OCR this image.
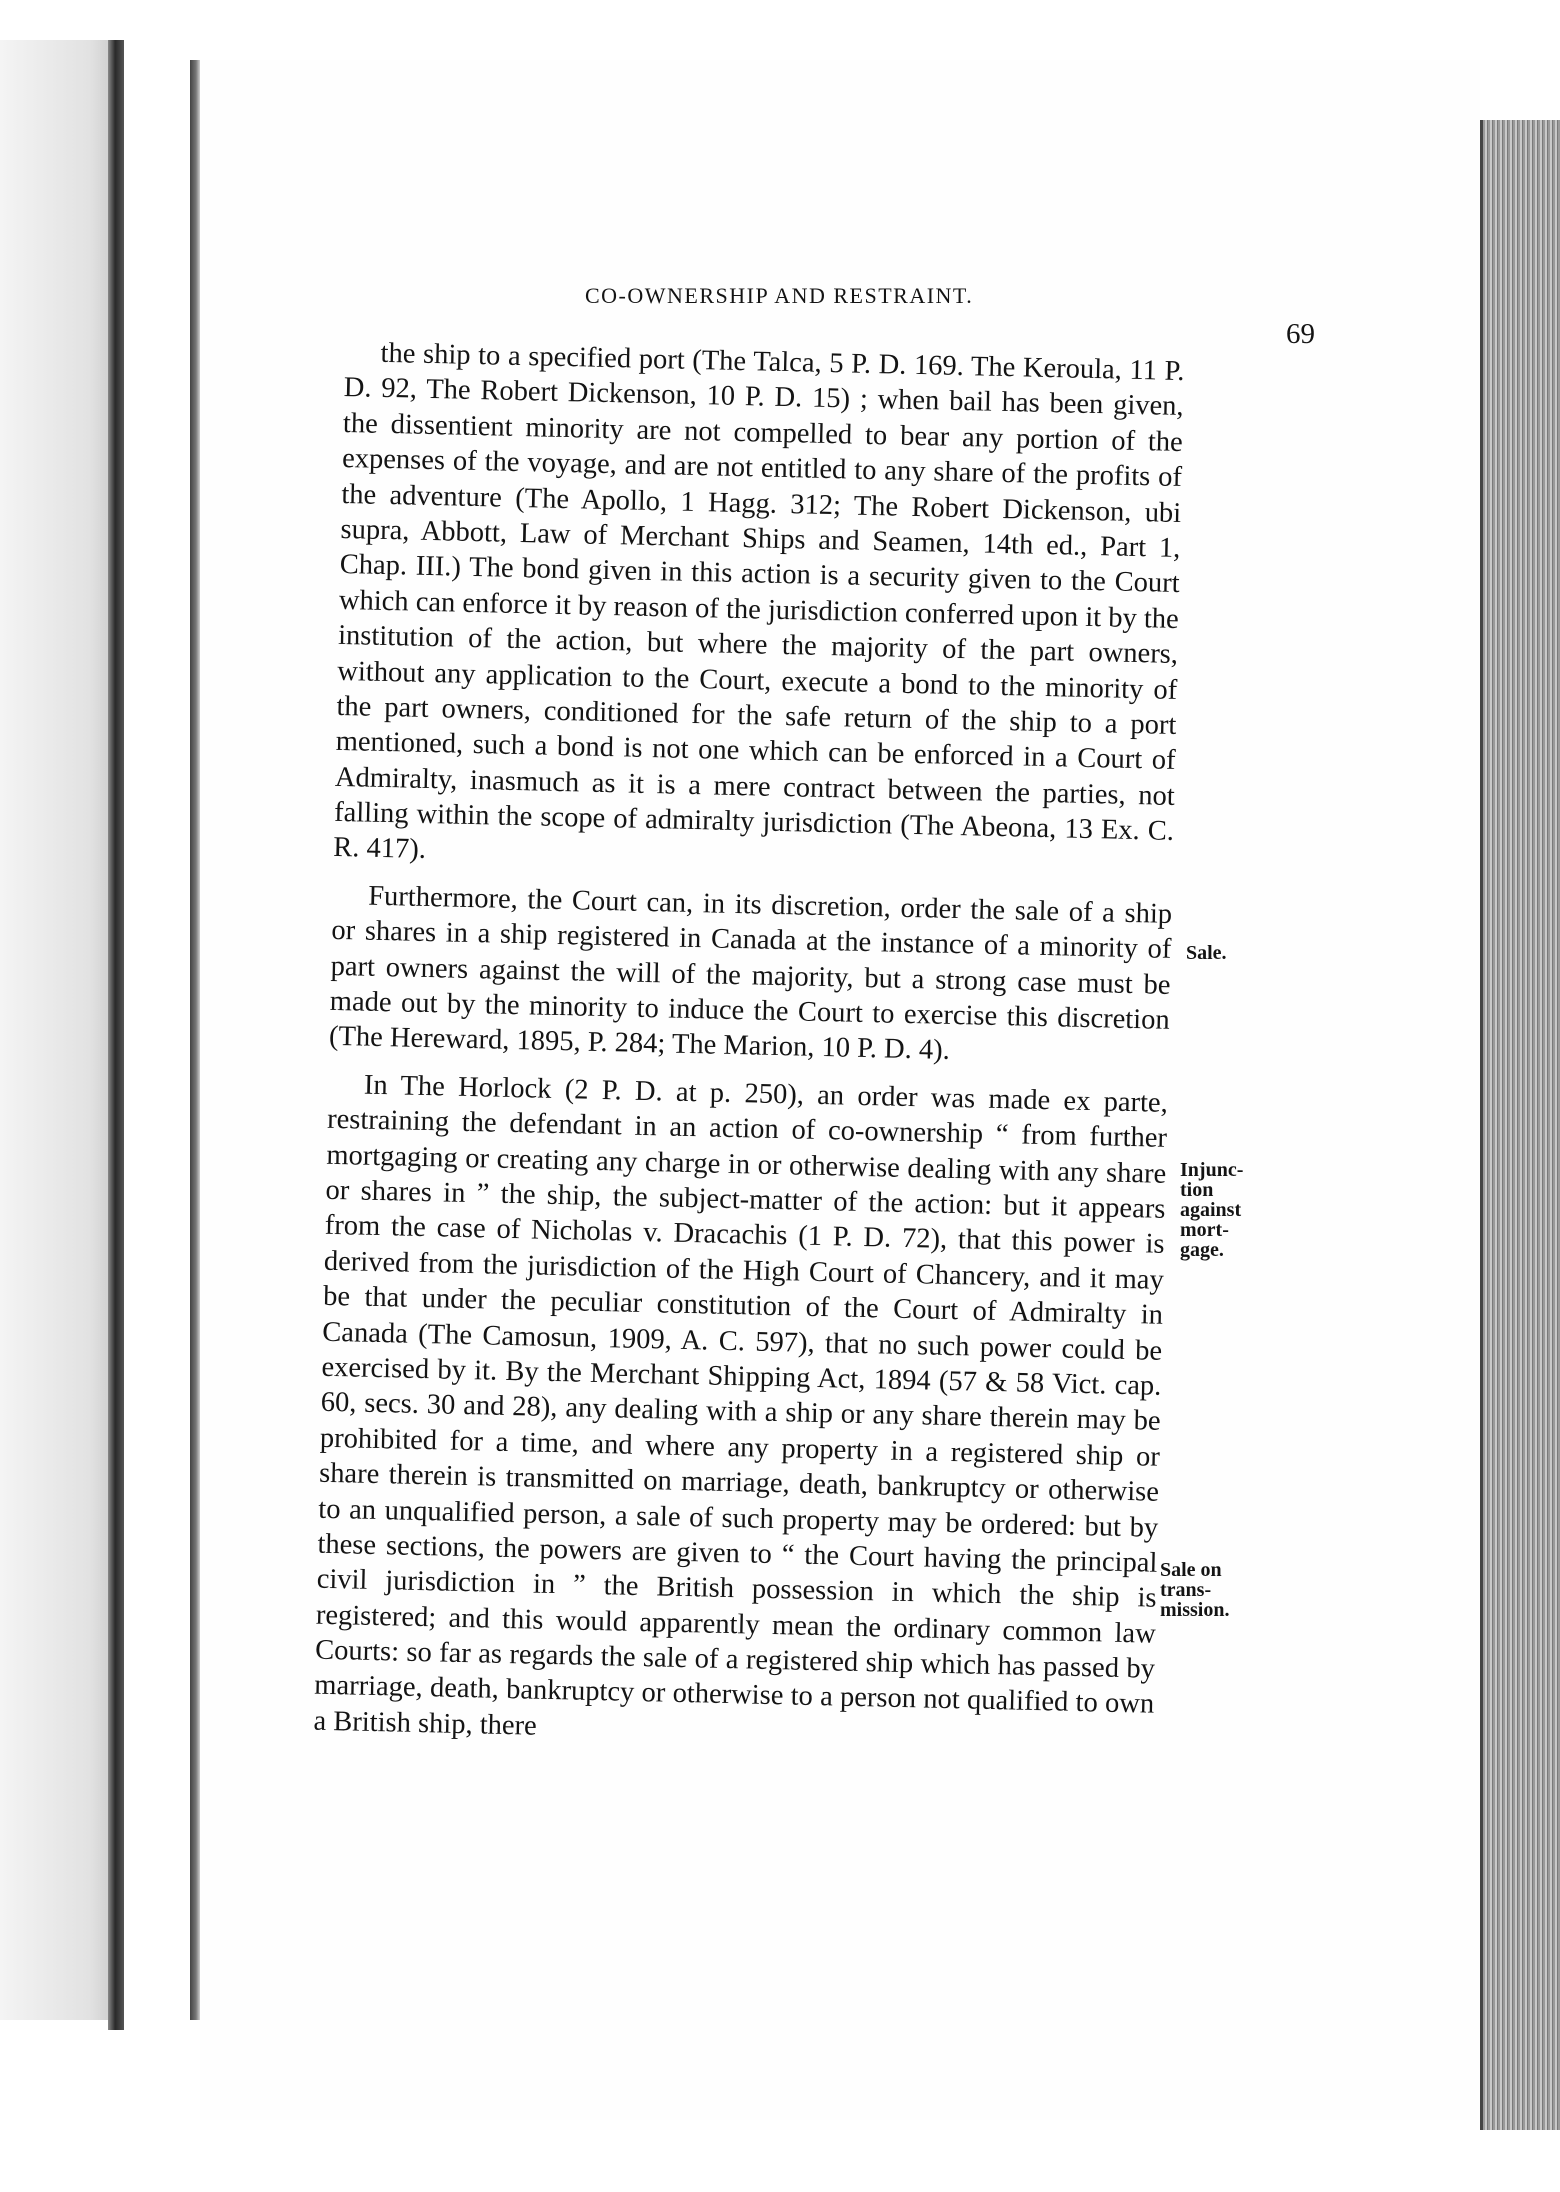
CO-OWNERSHIP AND RESTRAINT.
69

the ship to a specified port (The Talca, 5 P. D. 169. The Keroula, 11 P. D. 92, The Robert Dickenson, 10 P. D. 15) ; when bail has been given, the dissentient minority are not compelled to bear any portion of the expenses of the voyage, and are not entitled to any share of the profits of the adventure (The Apollo, 1 Hagg. 312; The Robert Dickenson, ubi supra, Abbott, Law of Merchant Ships and Seamen, 14th ed., Part 1, Chap. III.) The bond given in this action is a security given to the Court which can enforce it by reason of the jurisdiction conferred upon it by the institution of the action, but where the majority of the part owners, without any application to the Court, execute a bond to the minority of the part owners, conditioned for the safe return of the ship to a port mentioned, such a bond is not one which can be enforced in a Court of Admiralty, inasmuch as it is a mere contract between the parties, not falling within the scope of admiralty jurisdiction (The Abeona, 13 Ex. C. R. 417).

Furthermore, the Court can, in its discretion, order the sale of a ship or shares in a ship registered in Canada at the instance of a minority of part owners against the will of the majority, but a strong case must be made out by the minority to induce the Court to exercise this discretion (The Hereward, 1895, P. 284; The Marion, 10 P. D. 4).

In The Horlock (2 P. D. at p. 250), an order was made ex parte, restraining the defendant in an action of co-ownership “ from further mortgaging or creating any charge in or otherwise dealing with any share or shares in ” the ship, the subject-matter of the action: but it appears from the case of Nicholas v. Dracachis (1 P. D. 72), that this power is derived from the jurisdiction of the High Court of Chancery, and it may be that under the peculiar constitution of the Court of Admiralty in Canada (The Camosun, 1909, A. C. 597), that no such power could be exercised by it. By the Merchant Shipping Act, 1894 (57 & 58 Vict. cap. 60, secs. 30 and 28), any dealing with a ship or any share therein may be prohibited for a time, and where any property in a registered ship or share therein is transmitted on marriage, death, bankruptcy or otherwise to an unqualified person, a sale of such property may be ordered: but by these sections, the powers are given to “ the Court having the principal civil jurisdiction in ” the British possession in which the ship is registered; and this would apparently mean the ordinary common law Courts: so far as regards the sale of a registered ship which has passed by marriage, death, bankruptcy or otherwise to a person not qualified to own a British ship, there

Sale.
Injunc-
tion
against
mort-
gage.
Sale on
trans-
mission.
